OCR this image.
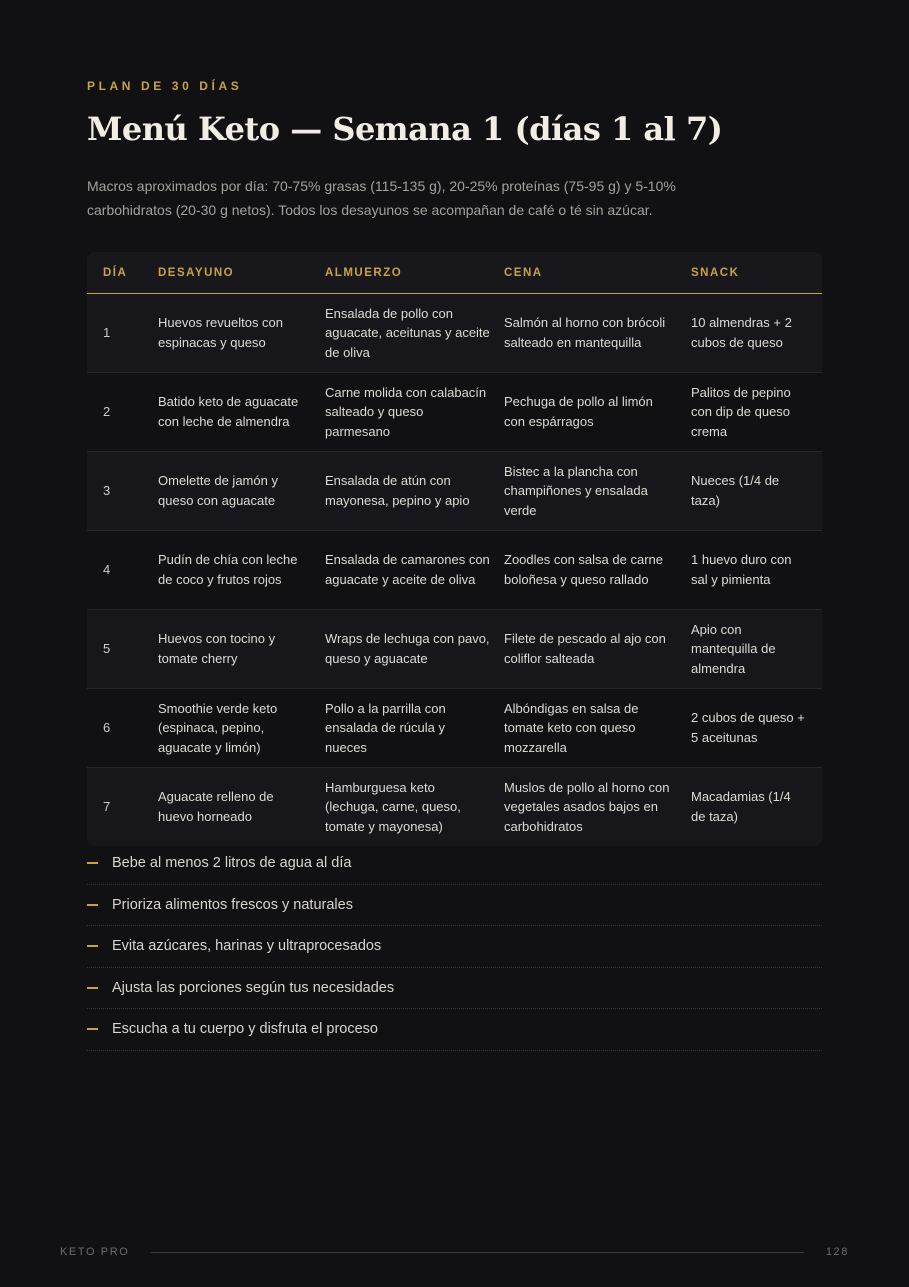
PLAN DE 30 DÍAS
Menú Keto — Semana 1 (días 1 al 7)

Macros aproximados por día: 70-75% grasas (115-135 g), 20-25% proteínas (75-95 g) y 5-10% carbohidratos (20-30 g netos). Todos los desayunos se acompañan de café o té sin azúcar.

DÍA	DESAYUNO	ALMUERZO	CENA	SNACK
1	Huevos revueltos con espinacas y queso	Ensalada de pollo con aguacate, aceitunas y aceite de oliva	Salmón al horno con brócoli salteado en mantequilla	10 almendras + 2 cubos de queso
2	Batido keto de aguacate con leche de almendra	Carne molida con calabacín salteado y queso parmesano	Pechuga de pollo al limón con espárragos	Palitos de pepino con dip de queso crema
3	Omelette de jamón y queso con aguacate	Ensalada de atún con mayonesa, pepino y apio	Bistec a la plancha con champiñones y ensalada verde	Nueces (1/4 de taza)
4	Pudín de chía con leche de coco y frutos rojos	Ensalada de camarones con aguacate y aceite de oliva	Zoodles con salsa de carne boloñesa y queso rallado	1 huevo duro con sal y pimienta
5	Huevos con tocino y tomate cherry	Wraps de lechuga con pavo, queso y aguacate	Filete de pescado al ajo con coliflor salteada	Apio con mantequilla de almendra
6	Smoothie verde keto (espinaca, pepino, aguacate y limón)	Pollo a la parrilla con ensalada de rúcula y nueces	Albóndigas en salsa de tomate keto con queso mozzarella	2 cubos de queso + 5 aceitunas
7	Aguacate relleno de huevo horneado	Hamburguesa keto (lechuga, carne, queso, tomate y mayonesa)	Muslos de pollo al horno con vegetales asados bajos en carbohidratos	Macadamias (1/4 de taza)
Bebe al menos 2 litros de agua al día
Prioriza alimentos frescos y naturales
Evita azúcares, harinas y ultraprocesados
Ajusta las porciones según tus necesidades
Escucha a tu cuerpo y disfruta el proceso
KETO PRO	128
